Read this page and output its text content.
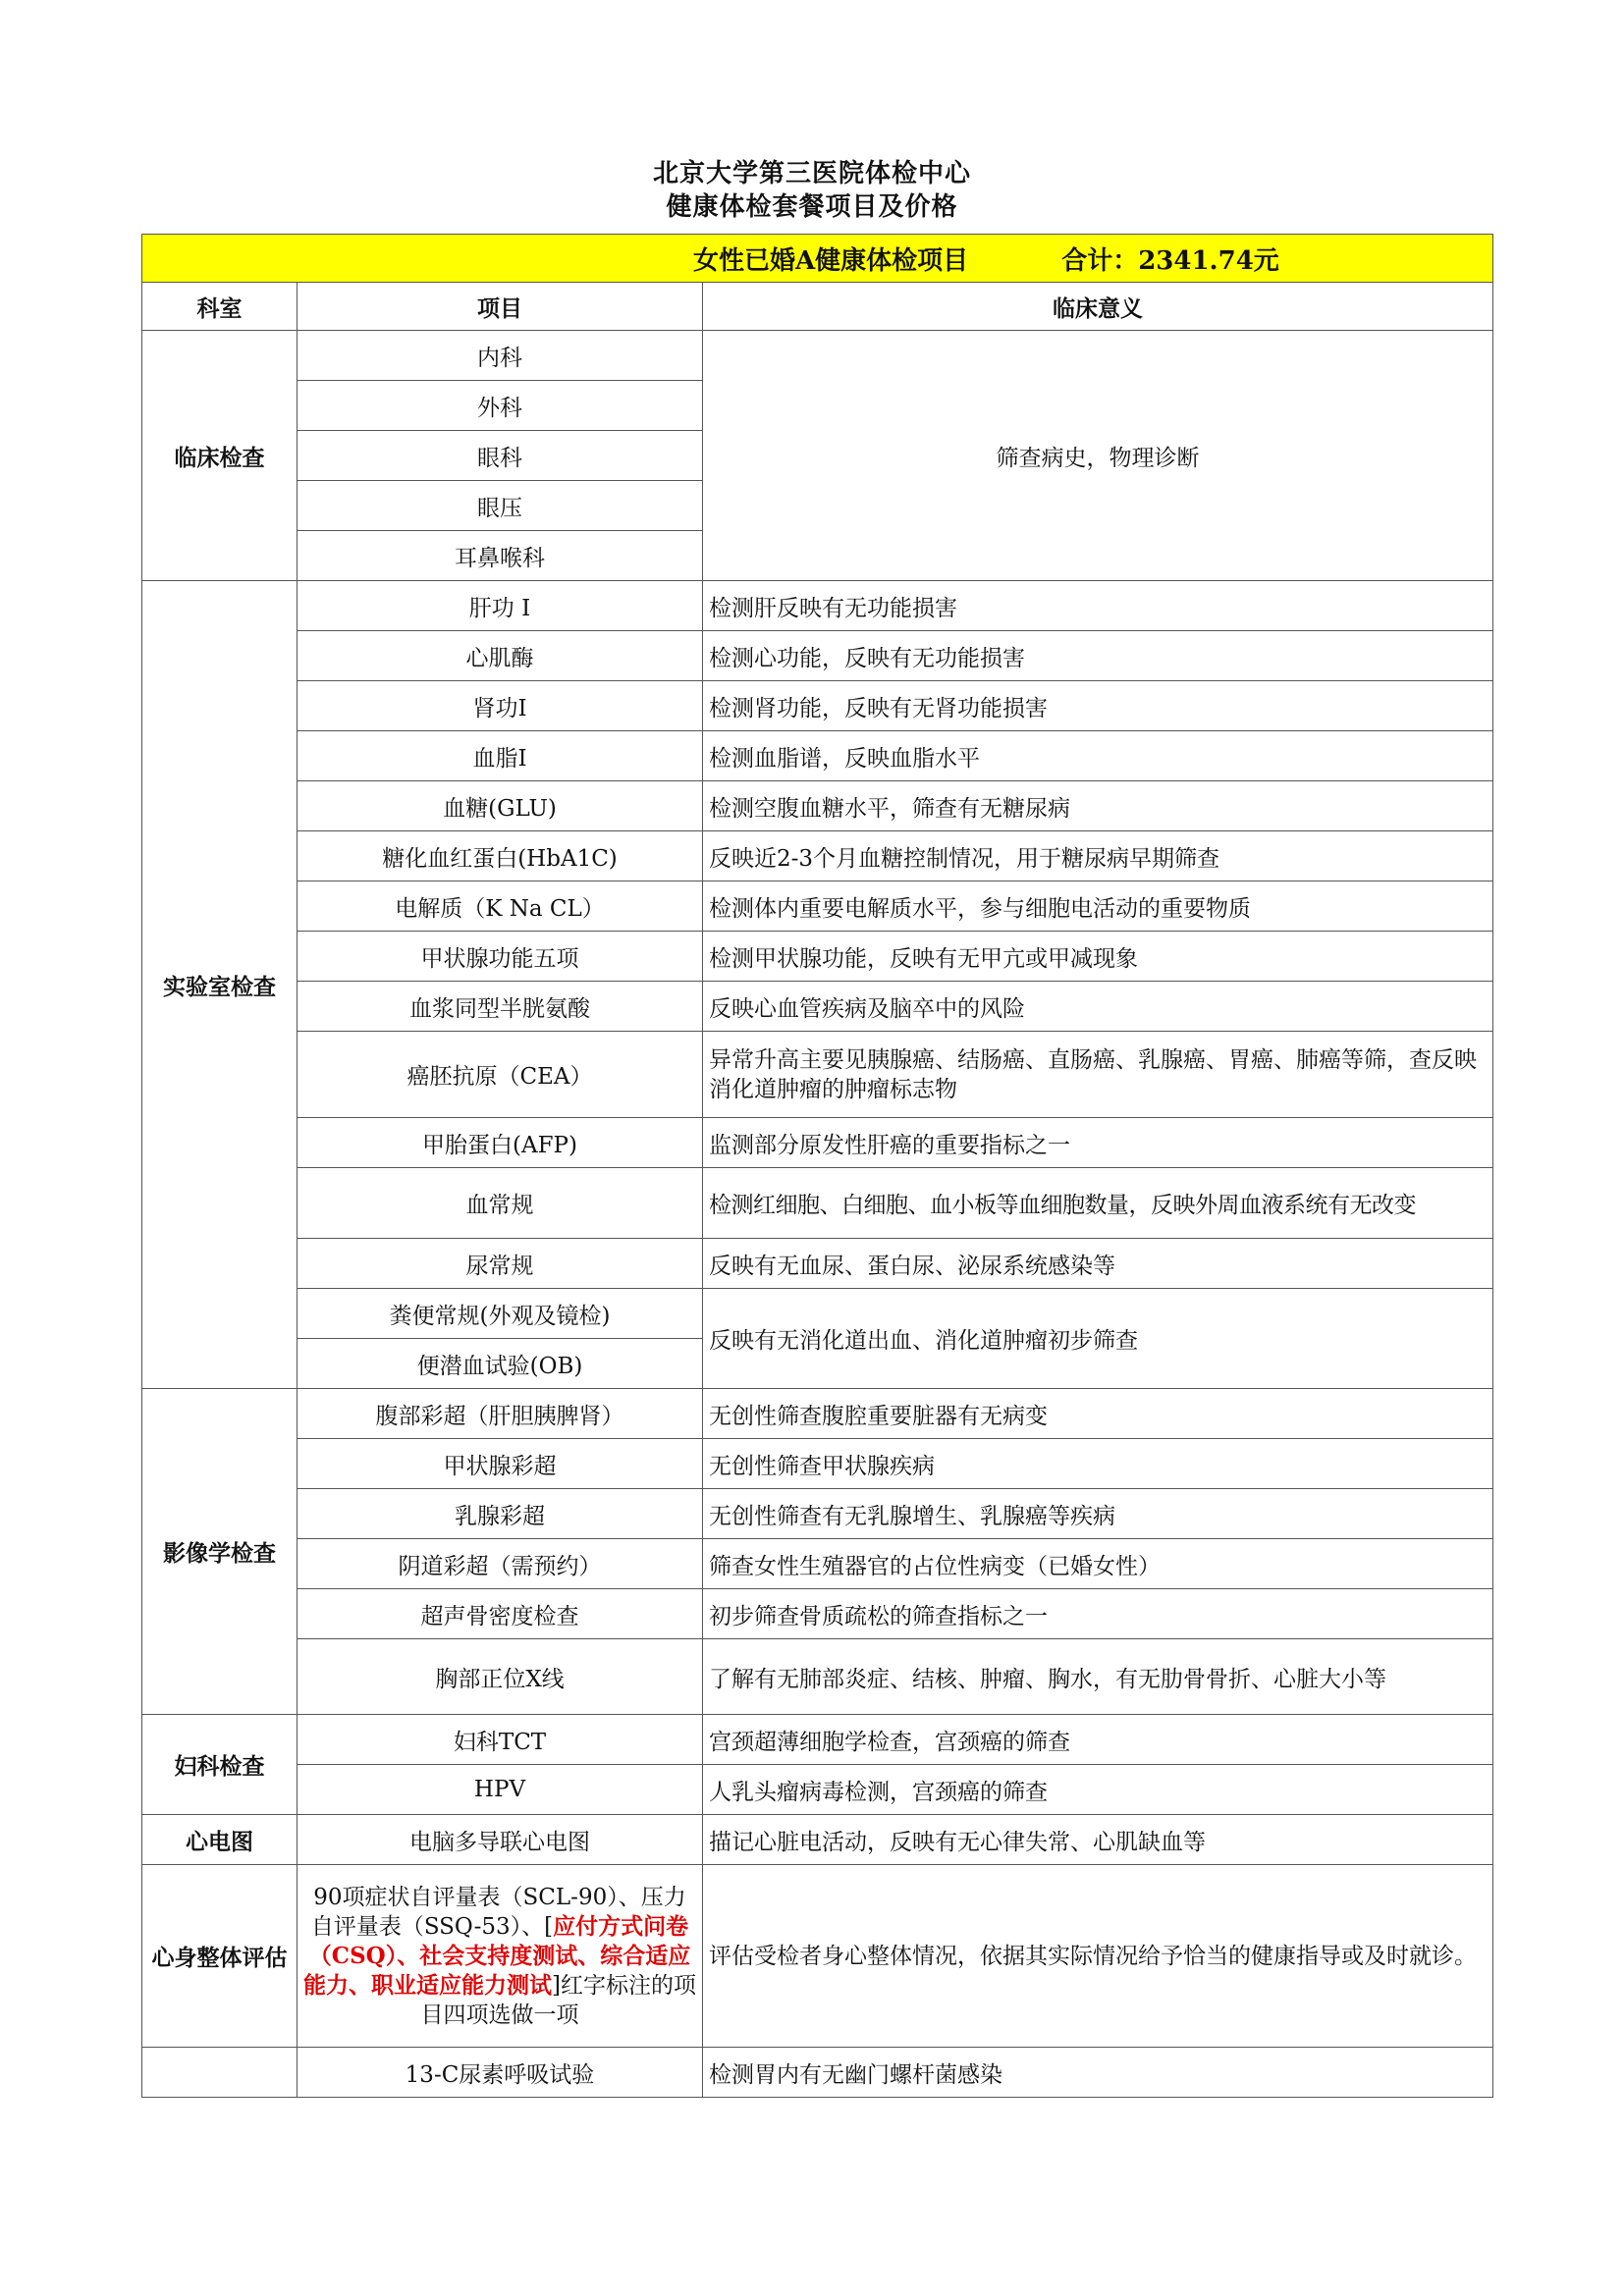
北京大学第三医院体检中心
健康体检套餐项目及价格
女性已婚A健康体检项目 合计：2341.74元		

科室	项目	临床意义
临床检查	内科	筛查病史，物理诊断
	外科	
	眼科	
	眼压	
	耳鼻喉科	
实验室检查	肝功 I	检测肝反映有无功能损害
	心肌酶	检测心功能，反映有无功能损害
	肾功I	检测肾功能，反映有无肾功能损害
	血脂I	检测血脂谱，反映血脂水平
	血糖(GLU)	检测空腹血糖水平，筛查有无糖尿病
	糖化血红蛋白(HbA1C)	反映近2-3个月血糖控制情况，用于糖尿病早期筛查
	电解质（K Na CL）	检测体内重要电解质水平，参与细胞电活动的重要物质
	甲状腺功能五项	检测甲状腺功能，反映有无甲亢或甲减现象
	血浆同型半胱氨酸	反映心血管疾病及脑卒中的风险
	癌胚抗原（CEA）	异常升高主要见胰腺癌、结肠癌、直肠癌、乳腺癌、胃癌、肺癌等筛，查反映消化道肿瘤的肿瘤标志物
	甲胎蛋白(AFP)	监测部分原发性肝癌的重要指标之一
	血常规	检测红细胞、白细胞、血小板等血细胞数量，反映外周血液系统有无改变
	尿常规	反映有无血尿、蛋白尿、泌尿系统感染等
	粪便常规(外观及镜检)	反映有无消化道出血、消化道肿瘤初步筛查
	便潜血试验(OB)	
影像学检查	腹部彩超（肝胆胰脾肾）	无创性筛查腹腔重要脏器有无病变
	甲状腺彩超	无创性筛查甲状腺疾病
	乳腺彩超	无创性筛查有无乳腺增生、乳腺癌等疾病
	阴道彩超（需预约）	筛查女性生殖器官的占位性病变（已婚女性）
	超声骨密度检查	初步筛查骨质疏松的筛查指标之一
	胸部正位X线	了解有无肺部炎症、结核、肿瘤、胸水，有无肋骨骨折、心脏大小等
妇科检查	妇科TCT	宫颈超薄细胞学检查，宫颈癌的筛查
	HPV	人乳头瘤病毒检测，宫颈癌的筛查
心电图	电脑多导联心电图	描记心脏电活动，反映有无心律失常、心肌缺血等
心身整体评估	90项症状自评量表（SCL-90）、压力自评量表（SSQ-53）、[应付方式问卷（CSQ）、社会支持度测试、综合适应能力、职业适应能力测试]红字标注的项目四项选做一项	评估受检者身心整体情况，依据其实际情况给予恰当的健康指导或及时就诊。
	13-C尿素呼吸试验	检测胃内有无幽门螺杆菌感染
